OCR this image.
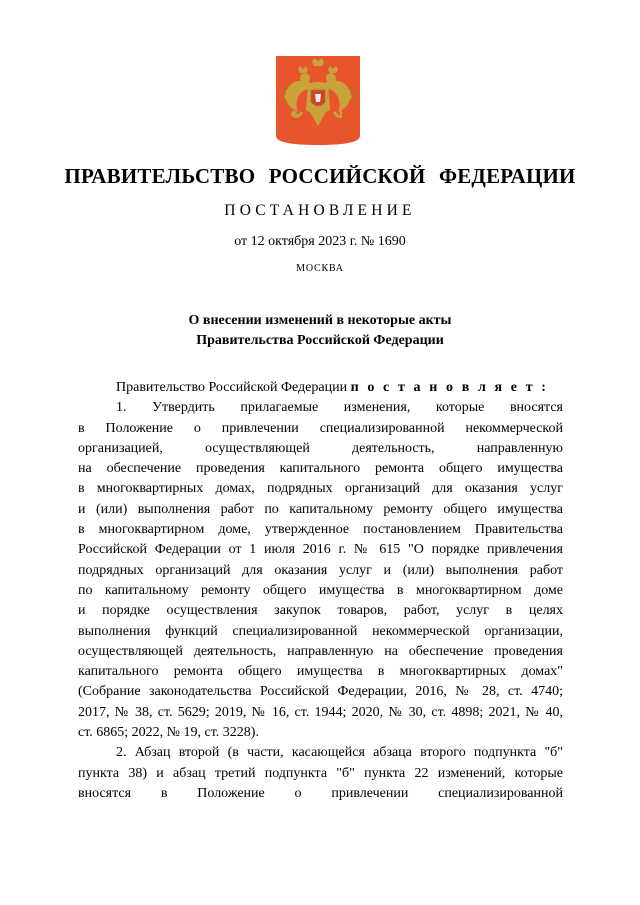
ПРАВИТЕЛЬСТВО РОССИЙСКОЙ ФЕДЕРАЦИИ
ПОСТАНОВЛЕНИЕ
от 12 октября 2023 г. № 1690
МОСКВА
О внесении изменений в некоторые акты
Правительства Российской Федерации
Правительство Российской Федерации п о с т а н о в л я е т :
1. Утвердить прилагаемые изменения, которые вносятся
в Положение о привлечении специализированной некоммерческой
организацией, осуществляющей деятельность, направленную
на обеспечение проведения капитального ремонта общего имущества
в многоквартирных домах, подрядных организаций для оказания услуг
и (или) выполнения работ по капитальному ремонту общего имущества
в многоквартирном доме, утвержденное постановлением Правительства
Российской Федерации от 1 июля 2016 г. № 615 "О порядке привлечения
подрядных организаций для оказания услуг и (или) выполнения работ
по капитальному ремонту общего имущества в многоквартирном доме
и порядке осуществления закупок товаров, работ, услуг в целях
выполнения функций специализированной некоммерческой организации,
осуществляющей деятельность, направленную на обеспечение проведения
капитального ремонта общего имущества в многоквартирных домах"
(Собрание законодательства Российской Федерации, 2016, № 28, ст. 4740;
2017, № 38, ст. 5629; 2019, № 16, ст. 1944; 2020, № 30, ст. 4898; 2021, № 40,
ст. 6865; 2022, № 19, ст. 3228).
2. Абзац второй (в части, касающейся абзаца второго подпункта "б"
пункта 38) и абзац третий подпункта "б" пункта 22 изменений, которые
вносятся в Положение о привлечении специализированной
